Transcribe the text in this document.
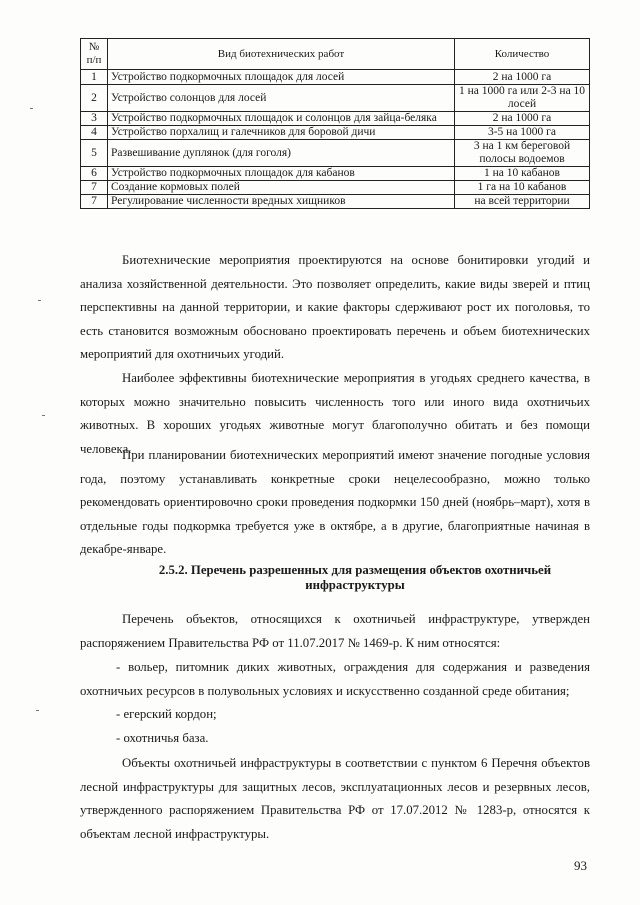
№ п/п	Вид биотехнических работ	Количество
1	Устройство подкормочных площадок для лосей	2 на 1000 га
2	Устройство солонцов для лосей	1 на 1000 га или 2-3 на 10 лосей
3	Устройство подкормочных площадок и солонцов для зайца-беляка	2 на 1000 га
4	Устройство порхалищ и галечников для боровой дичи	3-5 на 1000 га
5	Развешивание дуплянок (для гоголя)	3 на 1 км береговой полосы водоемов
6	Устройство подкормочных площадок для кабанов	1 на 10 кабанов
7	Создание кормовых полей	1 га на 10 кабанов
7	Регулирование численности вредных хищников	на всей территории

Биотехнические мероприятия проектируются на основе бонитировки угодий и анализа хозяйственной деятельности. Это позволяет определить, какие виды зверей и птиц перспективны на данной территории, и какие факторы сдерживают рост их поголовья, то есть становится возможным обосновано проектировать перечень и объем биотехнических мероприятий для охотничьих угодий.

Наиболее эффективны биотехнические мероприятия в угодьях среднего качества, в которых можно значительно повысить численность того или иного вида охотничьих животных. В хороших угодьях животные могут благополучно обитать и без помощи человека.

При планировании биотехнических мероприятий имеют значение погодные условия года, поэтому устанавливать конкретные сроки нецелесообразно, можно только рекомендовать ориентировочно сроки проведения подкормки 150 дней (ноябрь–март), хотя в отдельные годы подкормка требуется уже в октябре, а в другие, благоприятные начиная в декабре-январе.

2.5.2. Перечень разрешенных для размещения объектов охотничьей инфраструктуры

Перечень объектов, относящихся к охотничьей инфраструктуре, утвержден распоряжением Правительства РФ от 11.07.2017 № 1469-р. К ним относятся:

- вольер, питомник диких животных, ограждения для содержания и разведения охотничьих ресурсов в полувольных условиях и искусственно созданной среде обитания;

- егерский кордон;

- охотничья база.

Объекты охотничьей инфраструктуры в соответствии с пунктом 6 Перечня объектов лесной инфраструктуры для защитных лесов, эксплуатационных лесов и резервных лесов, утвержденного распоряжением Правительства РФ от 17.07.2012 № 1283-р, относятся к объектам лесной инфраструктуры.

93
